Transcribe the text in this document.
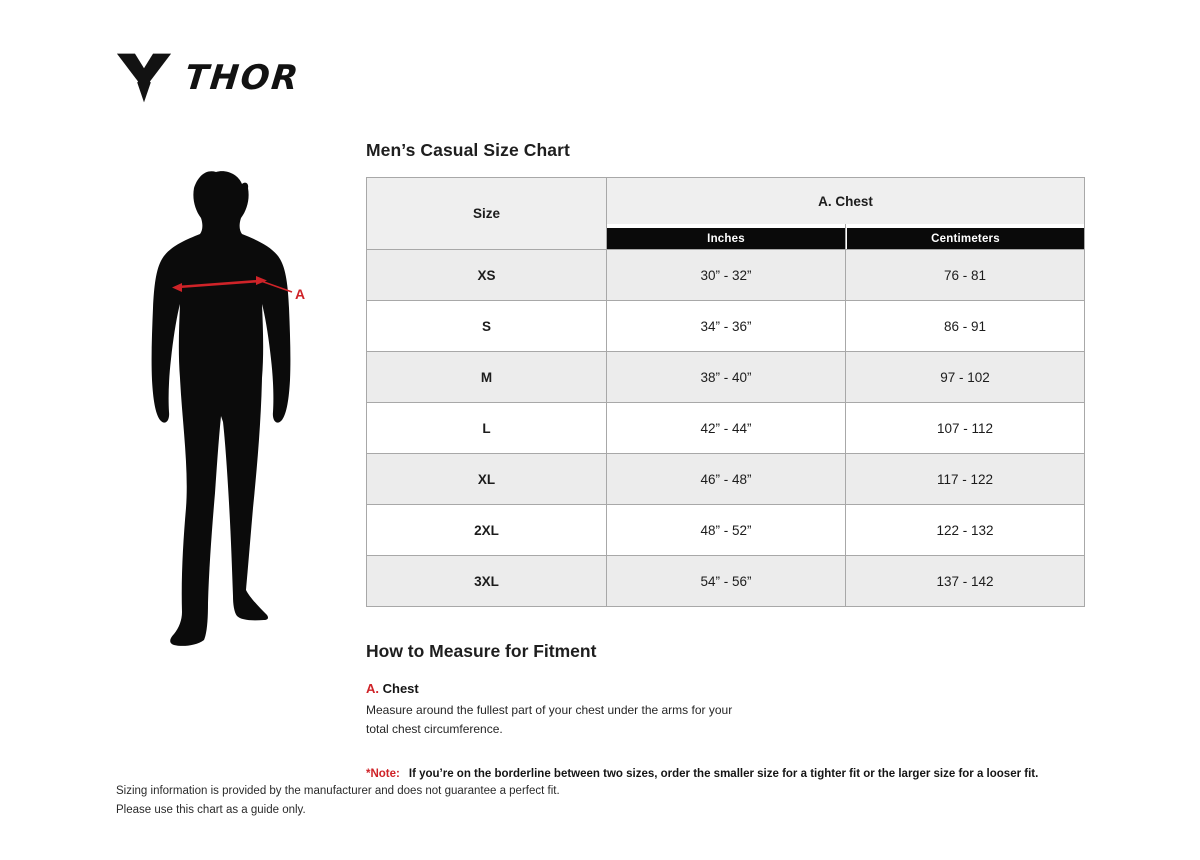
THOR
A
Men’s Casual Size Chart
Size
A. Chest
Inches	Centimeters
XS	30” - 32”	76 - 81
S	34” - 36”	86 - 91
M	38” - 40”	97 - 102
L	42” - 44”	107 - 112
XL	46” - 48”	117 - 122
2XL	48” - 52”	122 - 132
3XL	54” - 56”	137 - 142
How to Measure for Fitment
A. Chest

Measure around the fullest part of your chest under the arms for your total chest circumference.

*Note: If you’re on the borderline between two sizes, order the smaller size for a tighter fit or the larger size for a looser fit.

Sizing information is provided by the manufacturer and does not guarantee a perfect fit.
Please use this chart as a guide only.
